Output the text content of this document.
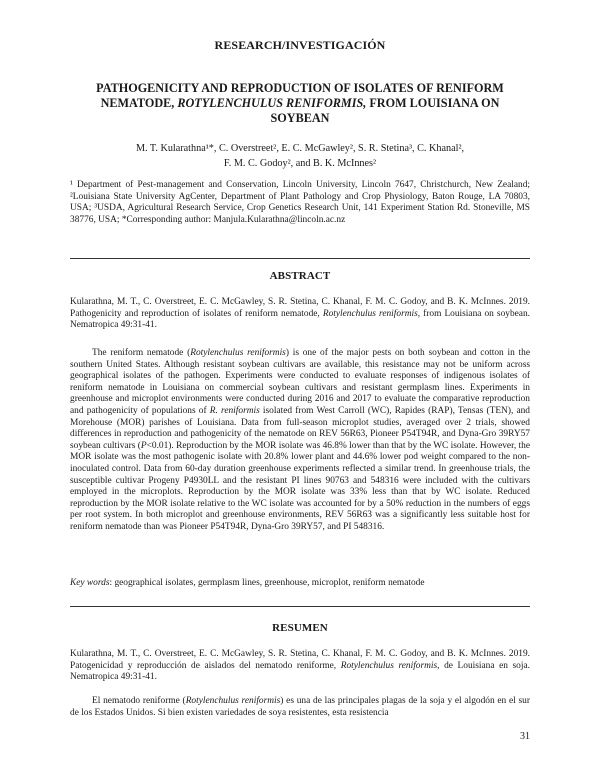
RESEARCH/INVESTIGACIÓN
PATHOGENICITY AND REPRODUCTION OF ISOLATES OF RENIFORM NEMATODE, ROTYLENCHULUS RENIFORMIS, FROM LOUISIANA ON SOYBEAN
M. T. Kularathna¹*, C. Overstreet², E. C. McGawley², S. R. Stetina³, C. Khanal²,
F. M. C. Godoy², and B. K. McInnes²
¹ Department of Pest-management and Conservation, Lincoln University, Lincoln 7647, Christchurch, New Zealand; ²Louisiana State University AgCenter, Department of Plant Pathology and Crop Physiology, Baton Rouge, LA 70803, USA; ³USDA, Agricultural Research Service, Crop Genetics Research Unit, 141 Experiment Station Rd. Stoneville, MS 38776, USA; *Corresponding author: Manjula.Kularathna@lincoln.ac.nz
ABSTRACT
Kularathna, M. T., C. Overstreet, E. C. McGawley, S. R. Stetina, C. Khanal, F. M. C. Godoy, and B. K. McInnes. 2019. Pathogenicity and reproduction of isolates of reniform nematode, Rotylenchulus reniformis, from Louisiana on soybean. Nematropica 49:31-41.
The reniform nematode (Rotylenchulus reniformis) is one of the major pests on both soybean and cotton in the southern United States. Although resistant soybean cultivars are available, this resistance may not be uniform across geographical isolates of the pathogen. Experiments were conducted to evaluate responses of indigenous isolates of reniform nematode in Louisiana on commercial soybean cultivars and resistant germplasm lines. Experiments in greenhouse and microplot environments were conducted during 2016 and 2017 to evaluate the comparative reproduction and pathogenicity of populations of R. reniformis isolated from West Carroll (WC), Rapides (RAP), Tensas (TEN), and Morehouse (MOR) parishes of Louisiana. Data from full-season microplot studies, averaged over 2 trials, showed differences in reproduction and pathogenicity of the nematode on REV 56R63, Pioneer P54T94R, and Dyna-Gro 39RY57 soybean cultivars (P<0.01). Reproduction by the MOR isolate was 46.8% lower than that by the WC isolate. However, the MOR isolate was the most pathogenic isolate with 20.8% lower plant and 44.6% lower pod weight compared to the non-inoculated control. Data from 60-day duration greenhouse experiments reflected a similar trend. In greenhouse trials, the susceptible cultivar Progeny P4930LL and the resistant PI lines 90763 and 548316 were included with the cultivars employed in the microplots. Reproduction by the MOR isolate was 33% less than that by WC isolate. Reduced reproduction by the MOR isolate relative to the WC isolate was accounted for by a 50% reduction in the numbers of eggs per root system. In both microplot and greenhouse environments, REV 56R63 was a significantly less suitable host for reniform nematode than was Pioneer P54T94R, Dyna-Gro 39RY57, and PI 548316.
Key words: geographical isolates, germplasm lines, greenhouse, microplot, reniform nematode
RESUMEN
Kularathna, M. T., C. Overstreet, E. C. McGawley, S. R. Stetina, C. Khanal, F. M. C. Godoy, and B. K. McInnes. 2019. Patogenicidad y reproducción de aislados del nematodo reniforme, Rotylenchulus reniformis, de Louisiana en soja. Nematropica 49:31-41.
El nematodo reniforme (Rotylenchulus reniformis) es una de las principales plagas de la soja y el algodón en el sur de los Estados Unidos. Si bien existen variedades de soya resistentes, esta resistencia
31
